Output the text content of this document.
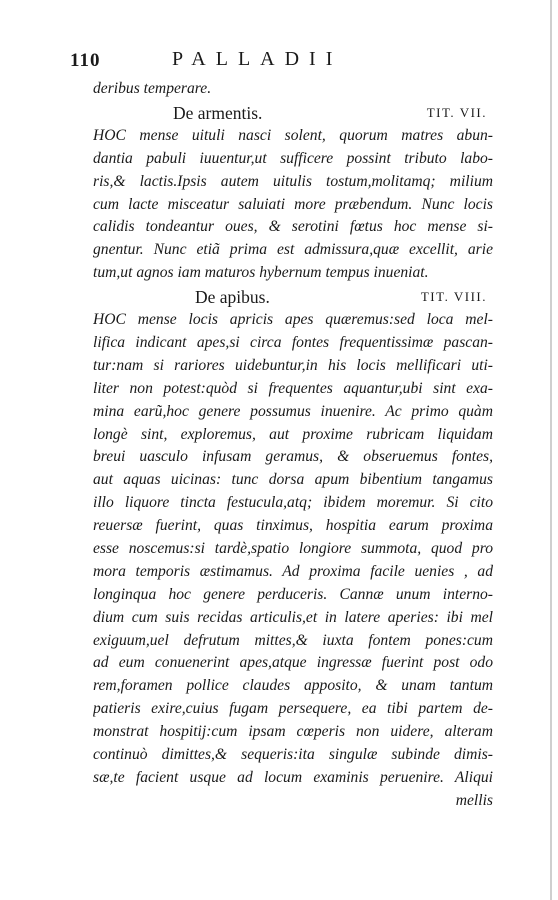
110	PALLADII
deribus temperare.
De armentis.	TIT. VII.
HOC mense uituli nasci solent, quorum matres abun-
dantia pabuli iuuentur,ut sufficere possint tributo labo-
ris,& lactis.Ipsis autem uitulis tostum,molitamq; milium
cum lacte misceatur saluiati more præbendum. Nunc locis
calidis tondeantur oues, & serotini fœtus hoc mense si-
gnentur. Nunc etiã prima est admissura,quæ excellit, arie
tum,ut agnos iam maturos hybernum tempus inueniat.
De apibus.	TIT. VIII.
HOC mense locis apricis apes quæremus:sed loca mel-
lifica indicant apes,si circa fontes frequentissimæ pascan-
tur:nam si rariores uidebuntur,in his locis mellificari uti-
liter non potest:quòd si frequentes aquantur,ubi sint exa-
mina earũ,hoc genere possumus inuenire. Ac primo quàm
longè sint, exploremus, aut proxime rubricam liquidam
breui uasculo infusam geramus, & obseruemus fontes,
aut aquas uicinas: tunc dorsa apum bibentium tangamus
illo liquore tincta festucula,atq; ibidem moremur. Si cito
reuersæ fuerint, quas tinximus, hospitia earum proxima
esse noscemus:si tardè,spatio longiore summota, quod pro
mora temporis æstimamus. Ad proxima facile uenies , ad
longinqua hoc genere perduceris. Cannæ unum interno-
dium cum suis recidas articulis,et in latere aperies: ibi mel
exiguum,uel defrutum mittes,& iuxta fontem pones:cum
ad eum conuenerint apes,atque ingressæ fuerint post odo
rem,foramen pollice claudes apposito, & unam tantum
patieris exire,cuius fugam persequere, ea tibi partem de-
monstrat hospitij:cum ipsam cœperis non uidere, alteram
continuò dimittes,& sequeris:ita singulæ subinde dimis-
sæ,te facient usque ad locum examinis peruenire. Aliqui
mellis
